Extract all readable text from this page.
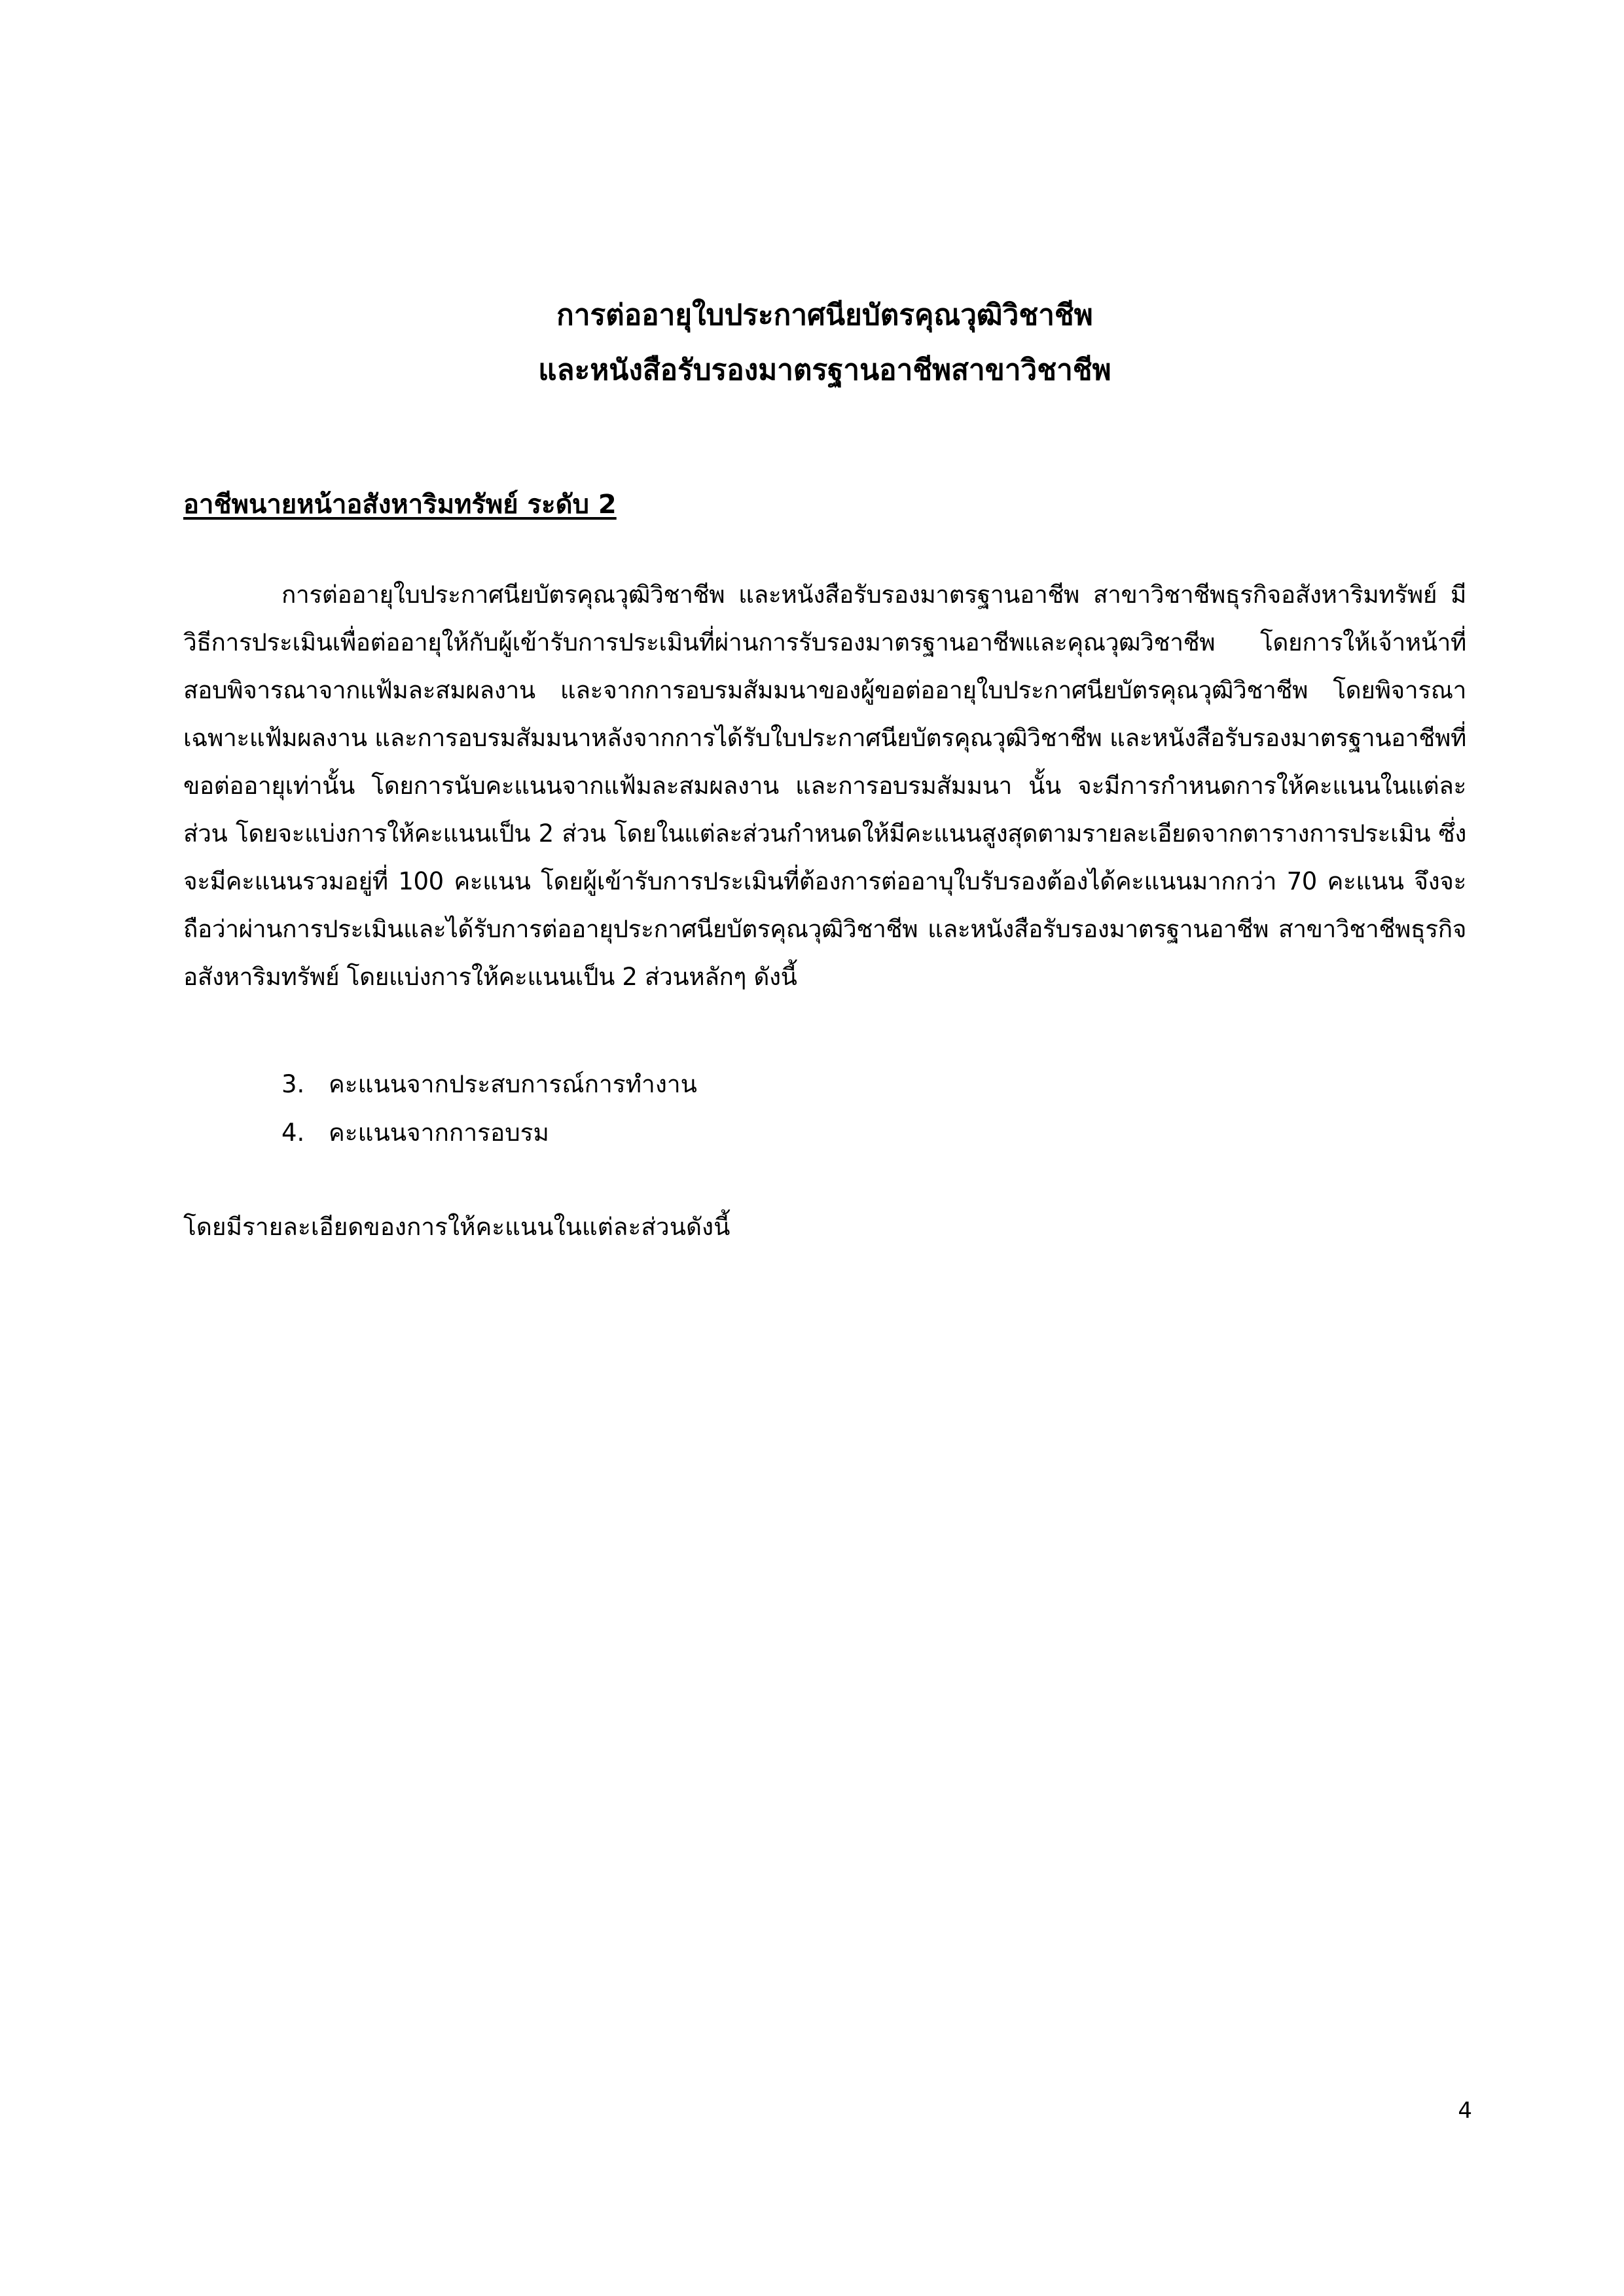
การต่ออายุใบประกาศนียบัตรคุณวุฒิวิชาชีพ
และหนังสือรับรองมาตรฐานอาชีพสาขาวิชาชีพ
อาชีพนายหน้าอสังหาริมทรัพย์ ระดับ 2

การต่ออายุใบประกาศนียบัตรคุณวุฒิวิชาชีพ และหนังสือรับรองมาตรฐานอาชีพ สาขาวิชาชีพธุรกิจอสังหาริมทรัพย์ มีวิธีการประเมินเพื่อต่ออายุให้กับผู้เข้ารับการประเมินที่ผ่านการรับรองมาตรฐานอาชีพและคุณวุฒวิชาชีพ โดยการให้เจ้าหน้าที่สอบพิจารณาจากแฟ้มละสมผลงาน และจากการอบรมสัมมนาของผู้ขอต่ออายุใบประกาศนียบัตรคุณวุฒิวิชาชีพ โดยพิจารณาเฉพาะแฟ้มผลงาน และการอบรมสัมมนาหลังจากการได้รับใบประกาศนียบัตรคุณวุฒิวิชาชีพ และหนังสือรับรองมาตรฐานอาชีพที่ขอต่ออายุเท่านั้น โดยการนับคะแนนจากแฟ้มละสมผลงาน และการอบรมสัมมนา นั้น จะมีการกำหนดการให้คะแนนในแต่ละส่วน โดยจะแบ่งการให้คะแนนเป็น 2 ส่วน โดยในแต่ละส่วนกำหนดให้มีคะแนนสูงสุดตามรายละเอียดจากตารางการประเมิน ซึ่งจะมีคะแนนรวมอยู่ที่ 100 คะแนน โดยผู้เข้ารับการประเมินที่ต้องการต่ออาบุใบรับรองต้องได้คะแนนมากกว่า 70 คะแนน จึงจะถือว่าผ่านการประเมินและได้รับการต่ออายุประกาศนียบัตรคุณวุฒิวิชาชีพ และหนังสือรับรองมาตรฐานอาชีพ สาขาวิชาชีพธุรกิจอสังหาริมทรัพย์ โดยแบ่งการให้คะแนนเป็น 2 ส่วนหลักๆ ดังนี้

3. คะแนนจากประสบการณ์การทำงาน
4. คะแนนจากการอบรม
โดยมีรายละเอียดของการให้คะแนนในแต่ละส่วนดังนี้
4
